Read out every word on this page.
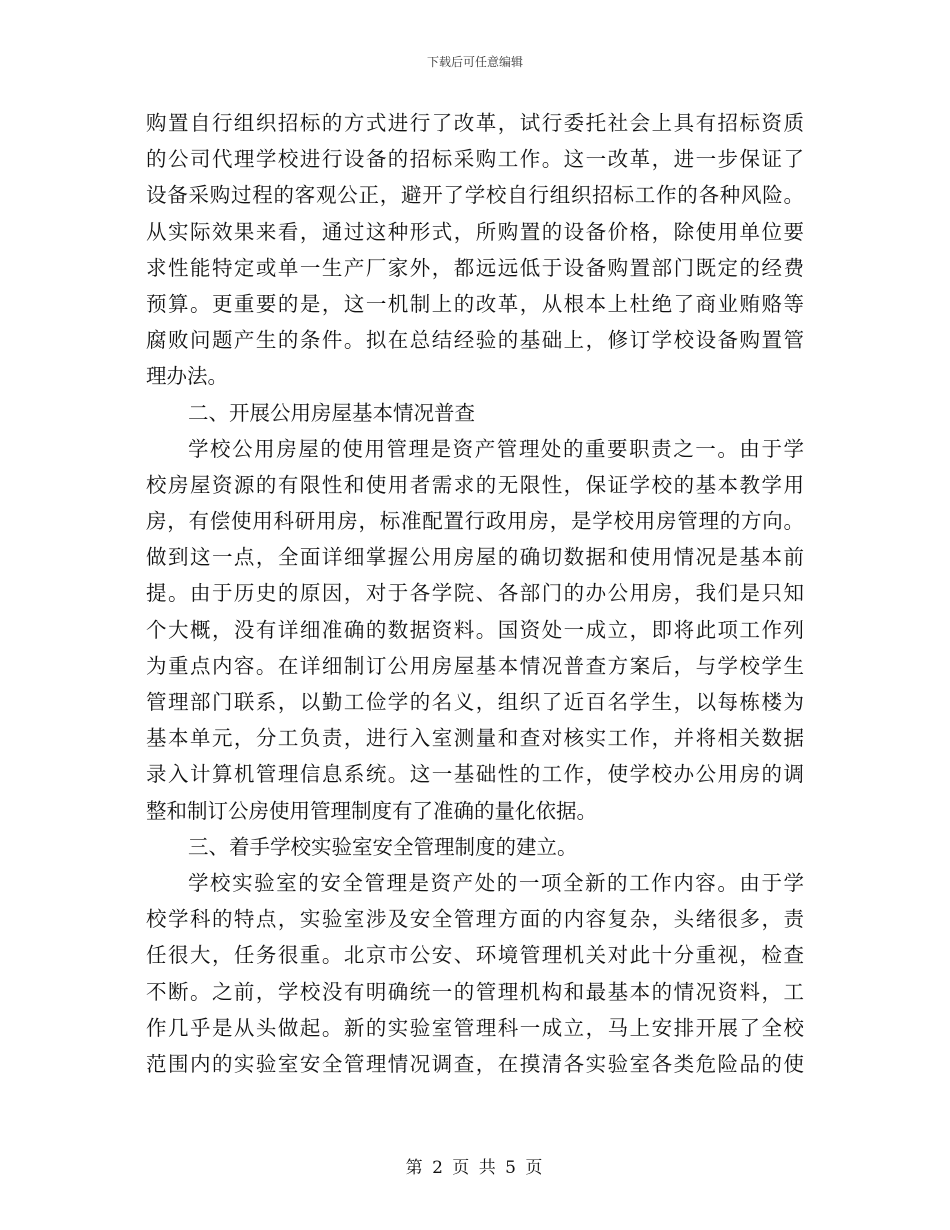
下载后可任意编辑
购置自行组织招标的方式进行了改革，试行委托社会上具有招标资质
的公司代理学校进行设备的招标采购工作。这一改革，进一步保证了
设备采购过程的客观公正，避开了学校自行组织招标工作的各种风险。
从实际效果来看，通过这种形式，所购置的设备价格，除使用单位要
求性能特定或单一生产厂家外，都远远低于设备购置部门既定的经费
预算。更重要的是，这一机制上的改革，从根本上杜绝了商业贿赂等
腐败问题产生的条件。拟在总结经验的基础上，修订学校设备购置管
理办法。
二、开展公用房屋基本情况普查
学校公用房屋的使用管理是资产管理处的重要职责之一。由于学
校房屋资源的有限性和使用者需求的无限性，保证学校的基本教学用
房，有偿使用科研用房，标准配置行政用房，是学校用房管理的方向。
做到这一点，全面详细掌握公用房屋的确切数据和使用情况是基本前
提。由于历史的原因，对于各学院、各部门的办公用房，我们是只知
个大概，没有详细准确的数据资料。国资处一成立，即将此项工作列
为重点内容。在详细制订公用房屋基本情况普查方案后，与学校学生
管理部门联系，以勤工俭学的名义，组织了近百名学生，以每栋楼为
基本单元，分工负责，进行入室测量和查对核实工作，并将相关数据
录入计算机管理信息系统。这一基础性的工作，使学校办公用房的调
整和制订公房使用管理制度有了准确的量化依据。
三、着手学校实验室安全管理制度的建立。
学校实验室的安全管理是资产处的一项全新的工作内容。由于学
校学科的特点，实验室涉及安全管理方面的内容复杂，头绪很多，责
任很大，任务很重。北京市公安、环境管理机关对此十分重视，检查
不断。之前，学校没有明确统一的管理机构和最基本的情况资料，工
作几乎是从头做起。新的实验室管理科一成立，马上安排开展了全校
范围内的实验室安全管理情况调查，在摸清各实验室各类危险品的使
第 2 页 共 5 页
